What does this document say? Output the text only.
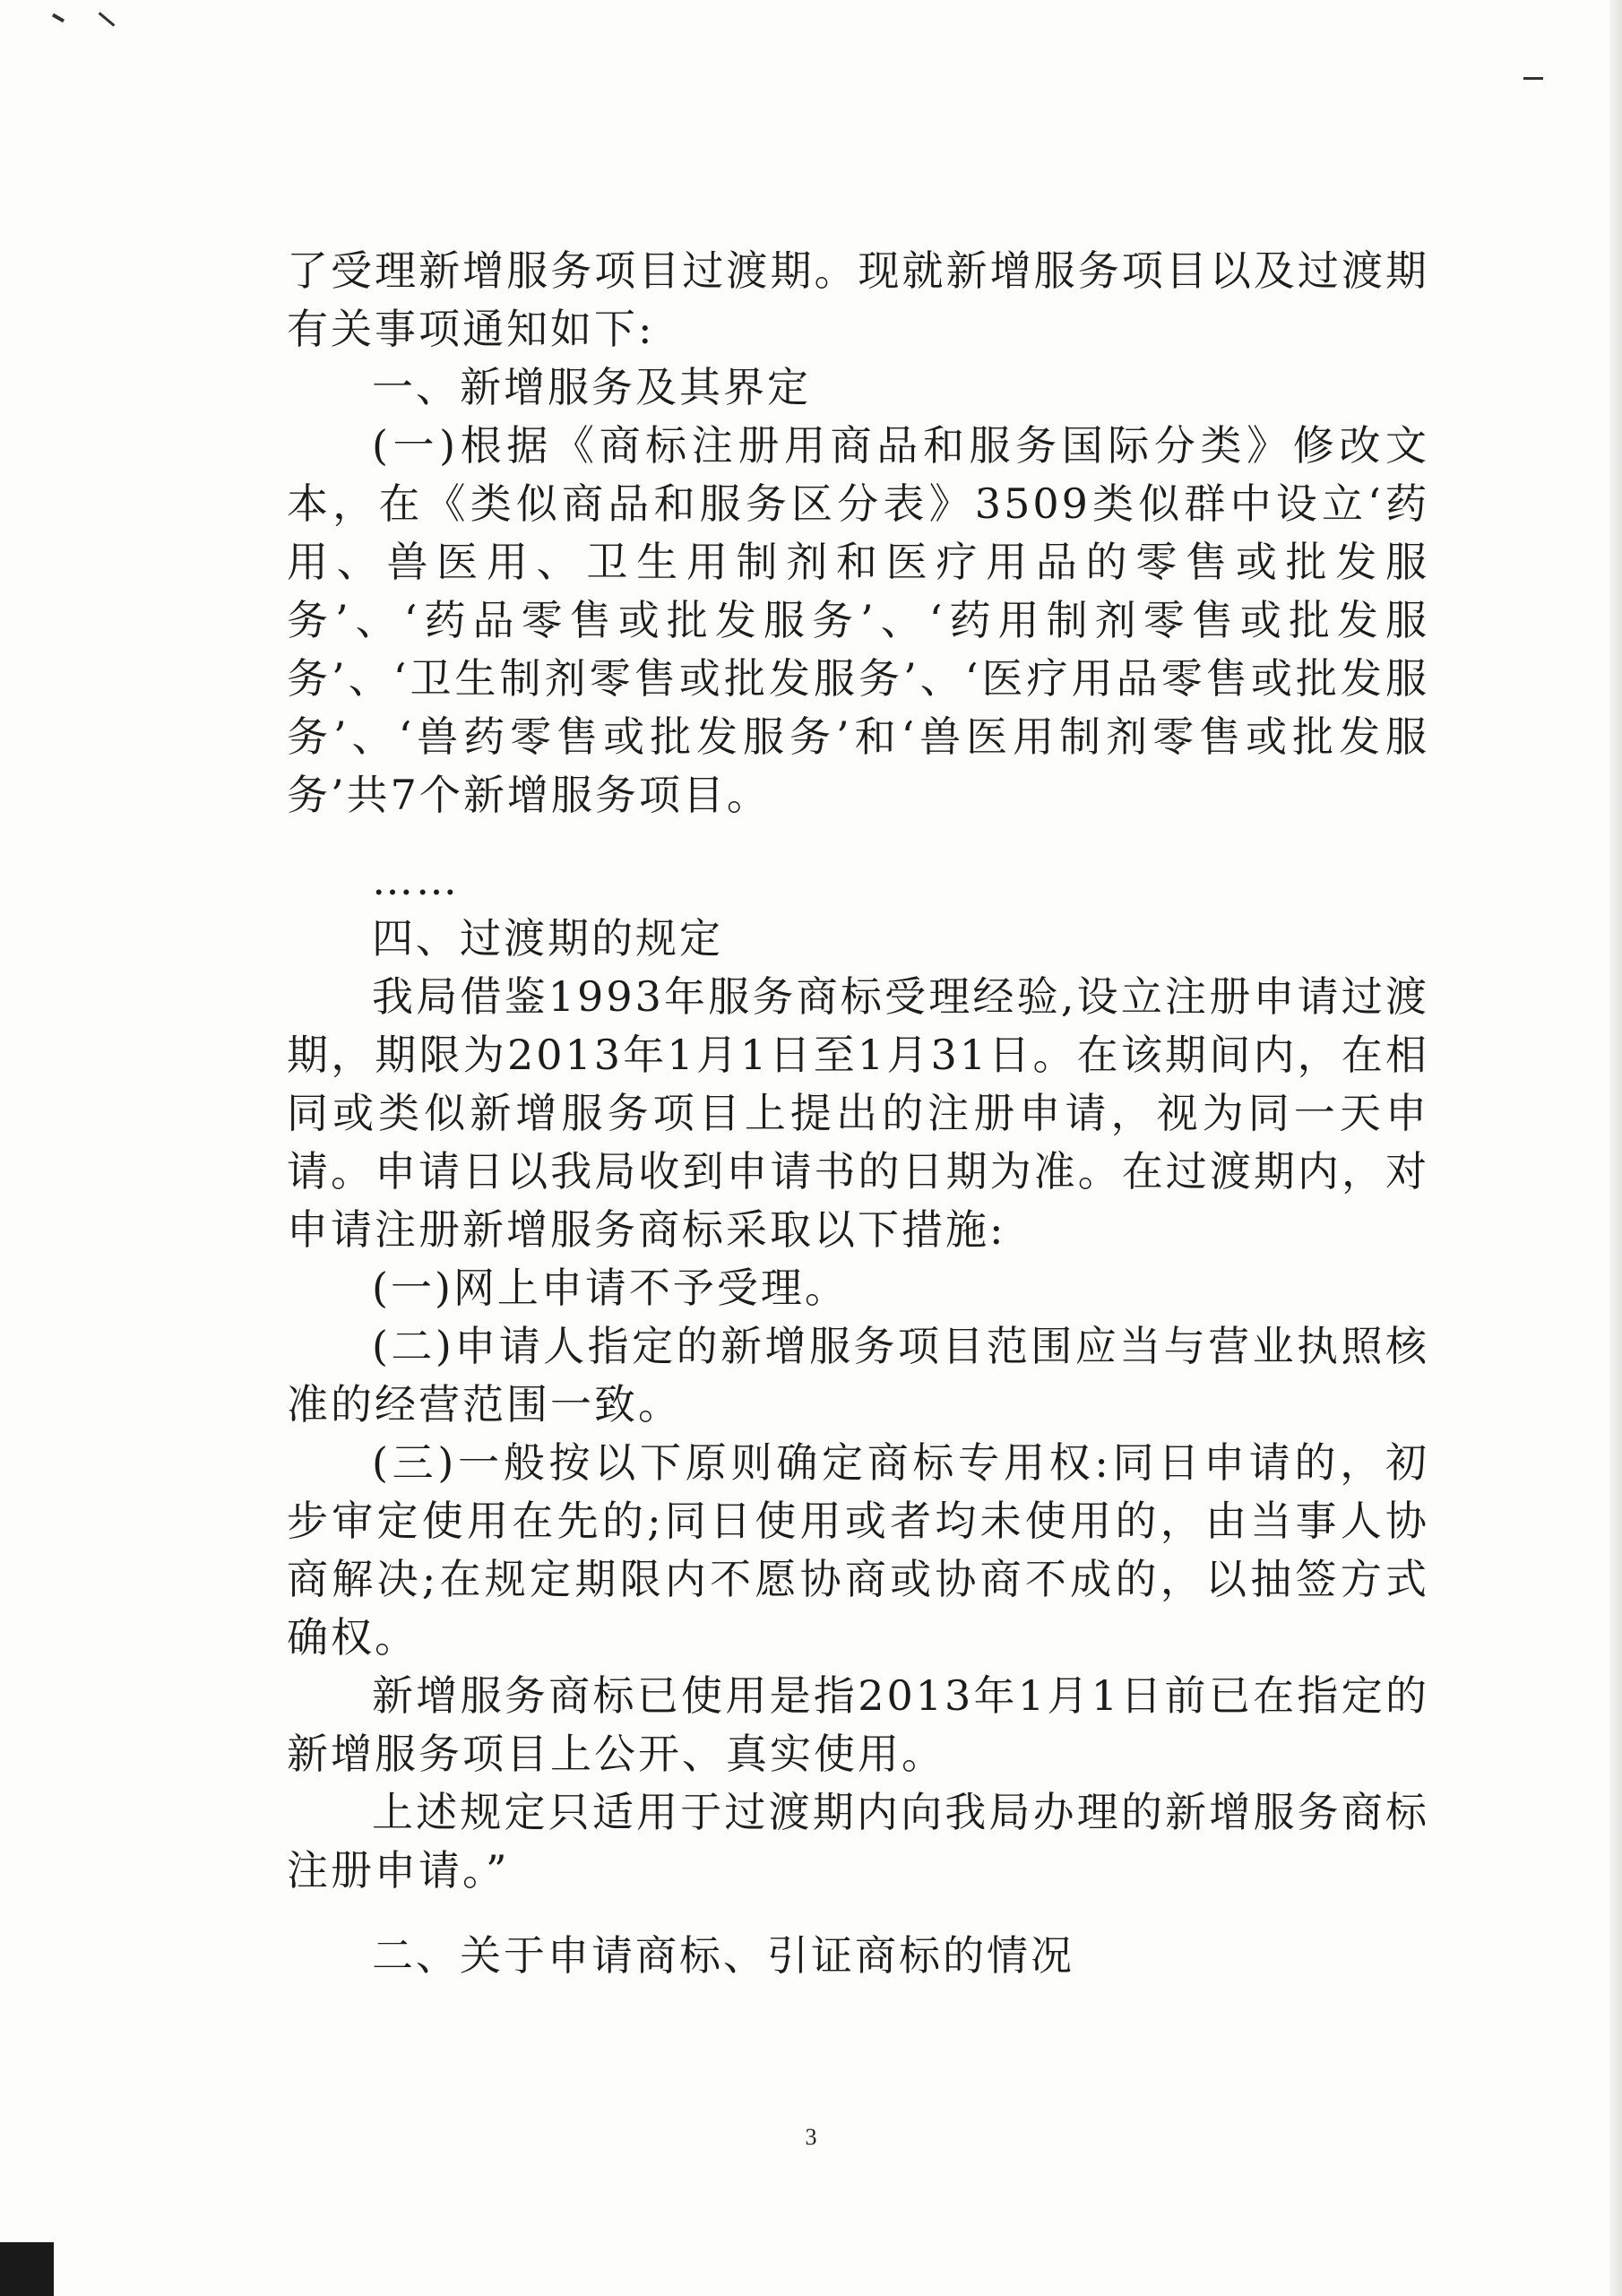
了受理新增服务项目过渡期。现就新增服务项目以及过渡期有关事项通知如下:

一、新增服务及其界定

(一)根据《商标注册用商品和服务国际分类》修改文本，在《类似商品和服务区分表》3509类似群中设立‘药用、兽医用、卫生用制剂和医疗用品的零售或批发服务’、‘药品零售或批发服务’、‘药用制剂零售或批发服务’、‘卫生制剂零售或批发服务’、‘医疗用品零售或批发服务’、‘兽药零售或批发服务’和‘兽医用制剂零售或批发服务’共7个新增服务项目。

……

四、过渡期的规定

我局借鉴1993年服务商标受理经验,设立注册申请过渡期，期限为2013年1月1日至1月31日。在该期间内，在相同或类似新增服务项目上提出的注册申请，视为同一天申请。申请日以我局收到申请书的日期为准。在过渡期内，对申请注册新增服务商标采取以下措施:

(一)网上申请不予受理。

(二)申请人指定的新增服务项目范围应当与营业执照核准的经营范围一致。

(三)一般按以下原则确定商标专用权:同日申请的，初步审定使用在先的;同日使用或者均未使用的，由当事人协商解决;在规定期限内不愿协商或协商不成的，以抽签方式确权。

新增服务商标已使用是指2013年1月1日前已在指定的新增服务项目上公开、真实使用。

上述规定只适用于过渡期内向我局办理的新增服务商标注册申请。”

二、关于申请商标、引证商标的情况

3
